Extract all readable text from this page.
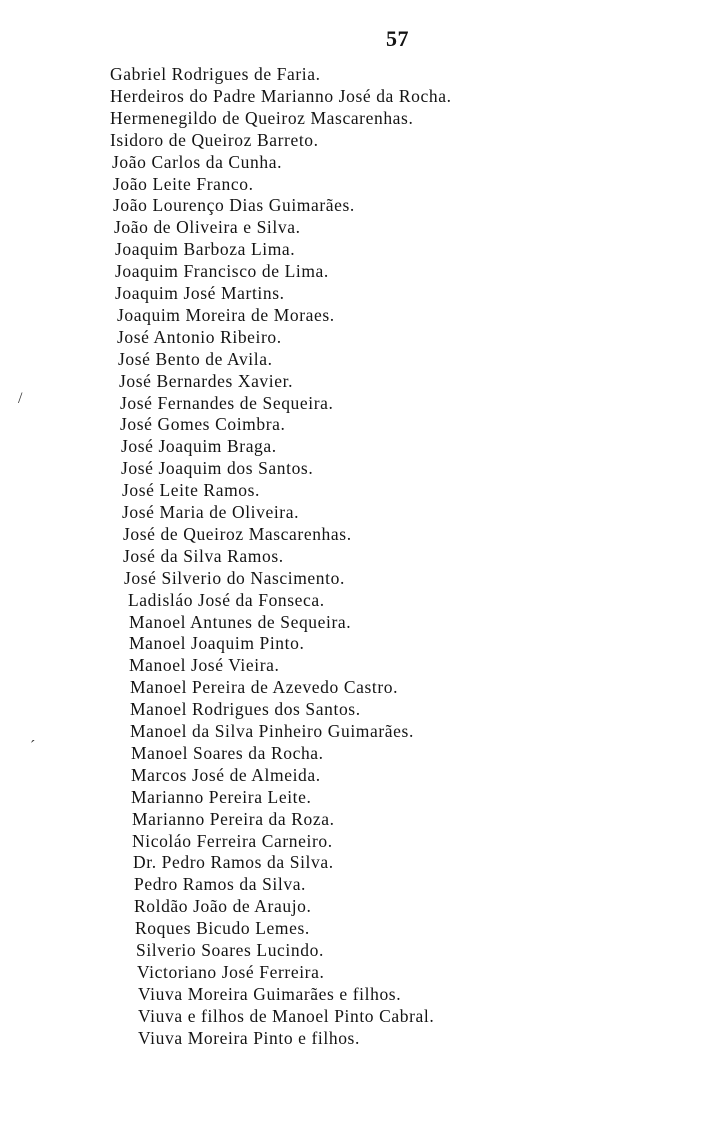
57
/
ˊ
Gabriel Rodrigues de Faria.
Herdeiros do Padre Marianno José da Rocha.
Hermenegildo de Queiroz Mascarenhas.
Isidoro de Queiroz Barreto.
João Carlos da Cunha.
João Leite Franco.
João Lourenço Dias Guimarães.
João de Oliveira e Silva.
Joaquim Barboza Lima.
Joaquim Francisco de Lima.
Joaquim José Martins.
Joaquim Moreira de Moraes.
José Antonio Ribeiro.
José Bento de Avila.
José Bernardes Xavier.
José Fernandes de Sequeira.
José Gomes Coimbra.
José Joaquim Braga.
José Joaquim dos Santos.
José Leite Ramos.
José Maria de Oliveira.
José de Queiroz Mascarenhas.
José da Silva Ramos.
José Silverio do Nascimento.
Ladisláo José da Fonseca.
Manoel Antunes de Sequeira.
Manoel Joaquim Pinto.
Manoel José Vieira.
Manoel Pereira de Azevedo Castro.
Manoel Rodrigues dos Santos.
Manoel da Silva Pinheiro Guimarães.
Manoel Soares da Rocha.
Marcos José de Almeida.
Marianno Pereira Leite.
Marianno Pereira da Roza.
Nicoláo Ferreira Carneiro.
Dr. Pedro Ramos da Silva.
Pedro Ramos da Silva.
Roldão João de Araujo.
Roques Bicudo Lemes.
Silverio Soares Lucindo.
Victoriano José Ferreira.
Viuva Moreira Guimarães e filhos.
Viuva e filhos de Manoel Pinto Cabral.
Viuva Moreira Pinto e filhos.
